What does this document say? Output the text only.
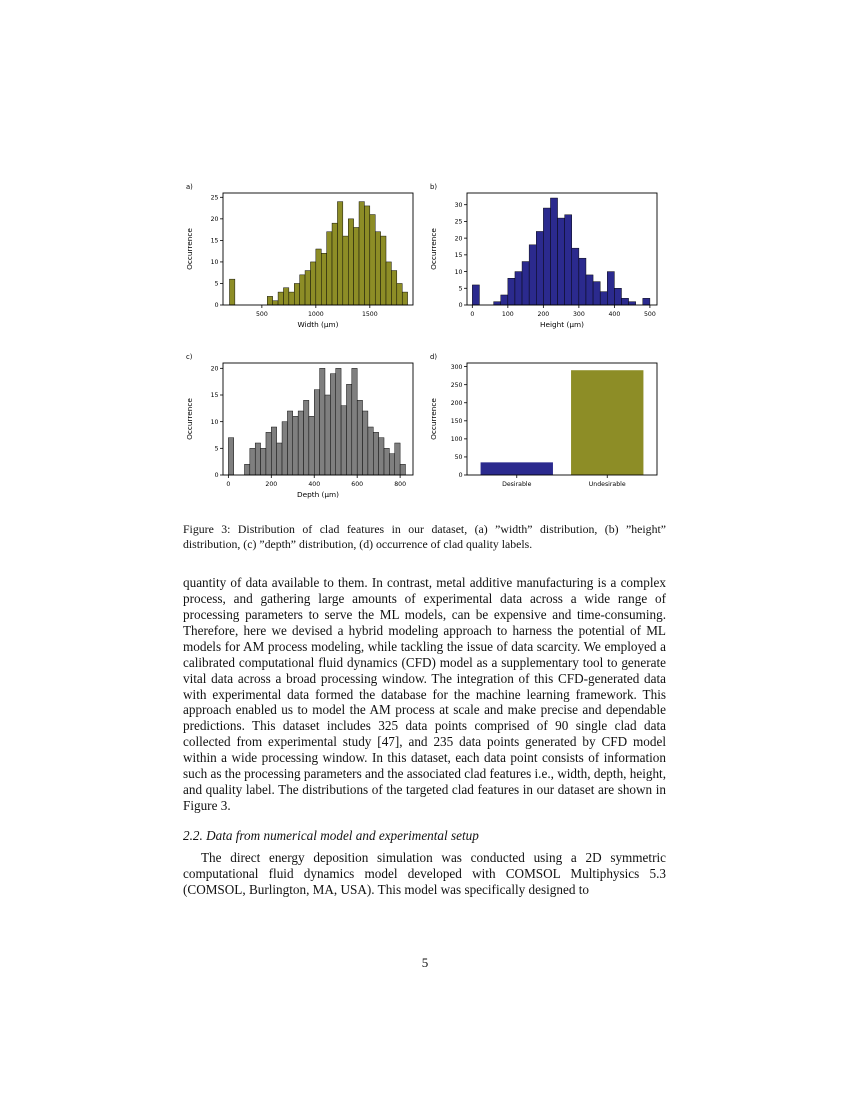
0
5
10
15
20
25
500	1000	1500
Width (μm)
Occurrence
a)
0
5
10
15
20
25
30
0	100	200	300	400	500
Height (μm)
Occurrence
b)
0
5
10
15
20
0	200	400	600	800
Depth (μm)
Occurrence
c)
0
50
100
150
200
250
300
Desirable	Undesirable
Occurrence
d)

Figure 3: Distribution of clad features in our dataset, (a) ”width” distribution, (b) ”height” distribution, (c) ”depth” distribution, (d) occurrence of clad quality labels.

quantity of data available to them. In contrast, metal additive manufacturing is a complex process, and gathering large amounts of experimental data across a wide range of processing parameters to serve the ML models, can be expensive and time-consuming. Therefore, here we devised a hybrid modeling approach to harness the potential of ML models for AM process modeling, while tackling the issue of data scarcity. We employed a calibrated computational fluid dynamics (CFD) model as a supplementary tool to generate vital data across a broad processing window. The integration of this CFD-generated data with experimental data formed the database for the machine learning framework. This approach enabled us to model the AM process at scale and make precise and dependable predictions. This dataset includes 325 data points comprised of 90 single clad data collected from experimental study [47], and 235 data points generated by CFD model within a wide processing window. In this dataset, each data point consists of information such as the processing parameters and the associated clad features i.e., width, depth, height, and quality label. The distributions of the targeted clad features in our dataset are shown in Figure 3.

2.2. Data from numerical model and experimental setup

The direct energy deposition simulation was conducted using a 2D symmetric computational fluid dynamics model developed with COMSOL Multiphysics 5.3 (COMSOL, Burlington, MA, USA). This model was specifically designed to

5
